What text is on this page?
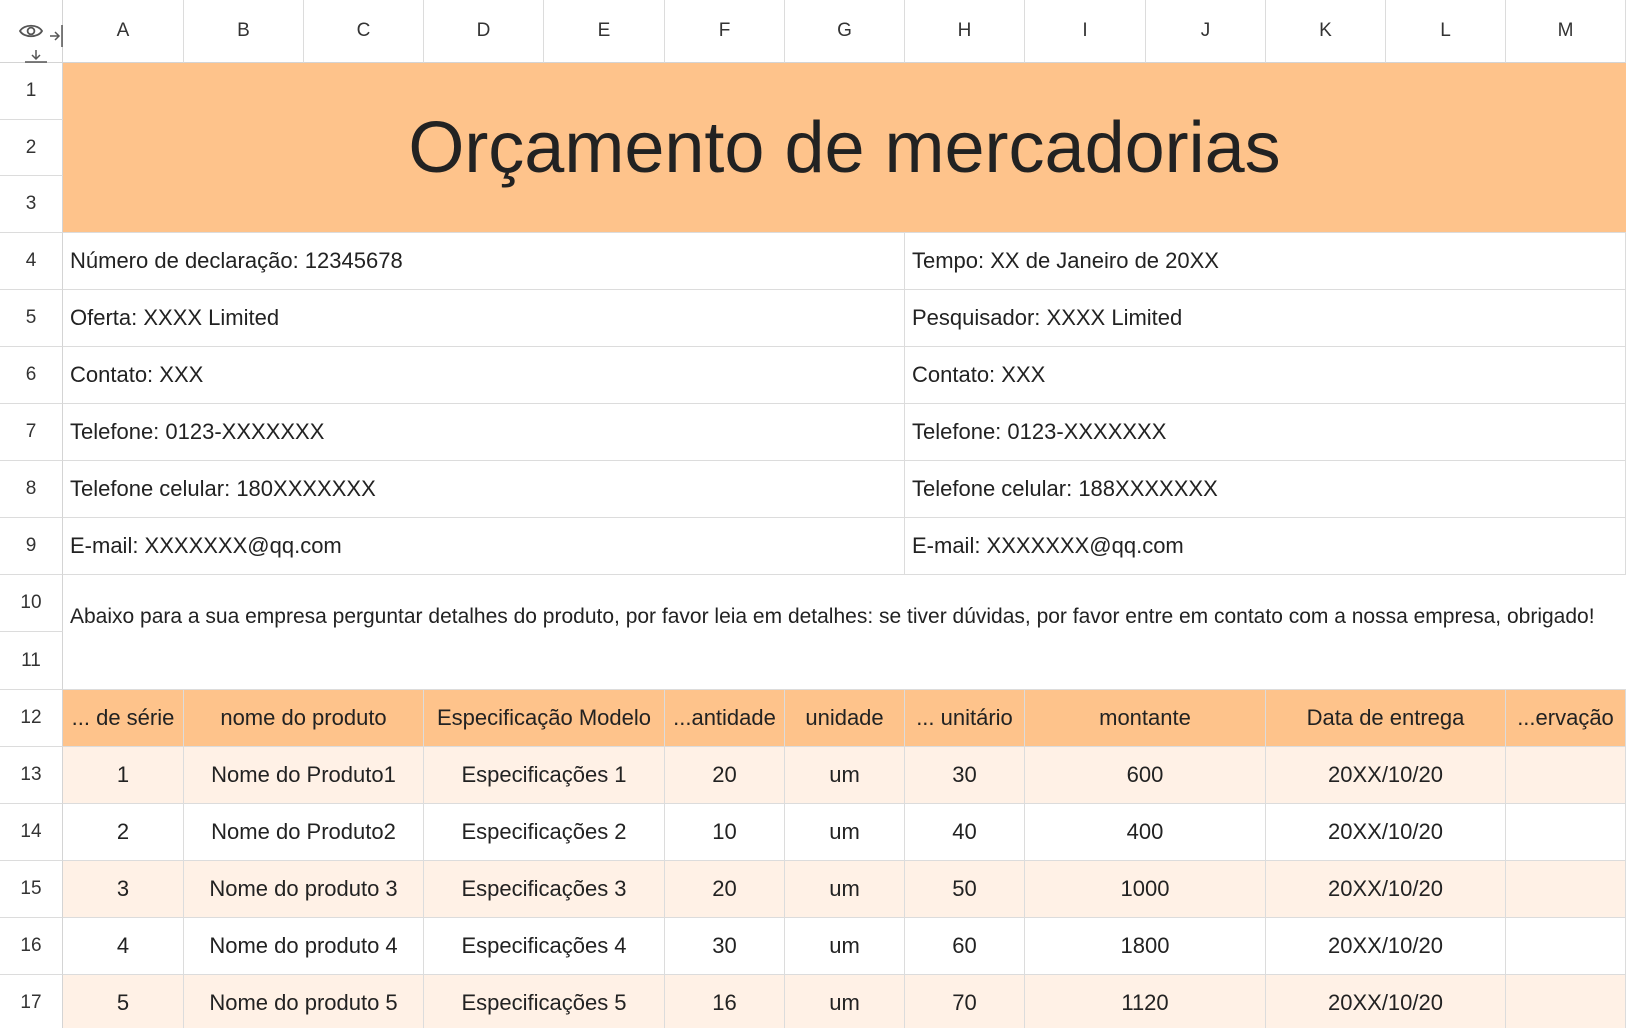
A	B	C	D	E	F	G	H	I	J	K	L	M
1
2
3
4
5
6
7
8
9
10
11
12
13
14
15
16
17
Orçamento de mercadorias
Número de declaração: 12345678	Tempo: XX de Janeiro de 20XX
Oferta: XXXX Limited	Pesquisador: XXXX Limited
Contato: XXX	Contato: XXX
Telefone: 0123-XXXXXXX	Telefone: 0123-XXXXXXX
Telefone celular: 180XXXXXXX	Telefone celular: 188XXXXXXX
E-mail: XXXXXXX@qq.com	E-mail: XXXXXXX@qq.com
Abaixo para a sua empresa perguntar detalhes do produto, por favor leia em detalhes: se tiver dúvidas, por favor entre em contato com a nossa empresa, obrigado!
... de série	nome do produto	Especificação Modelo	...antidade	unidade	... unitário	montante	Data de entrega	...ervação
1	Nome do Produto1	Especificações 1	20	um	30	600	20XX/10/20
2	Nome do Produto2	Especificações 2	10	um	40	400	20XX/10/20
3	Nome do produto 3	Especificações 3	20	um	50	1000	20XX/10/20
4	Nome do produto 4	Especificações 4	30	um	60	1800	20XX/10/20
5	Nome do produto 5	Especificações 5	16	um	70	1120	20XX/10/20
